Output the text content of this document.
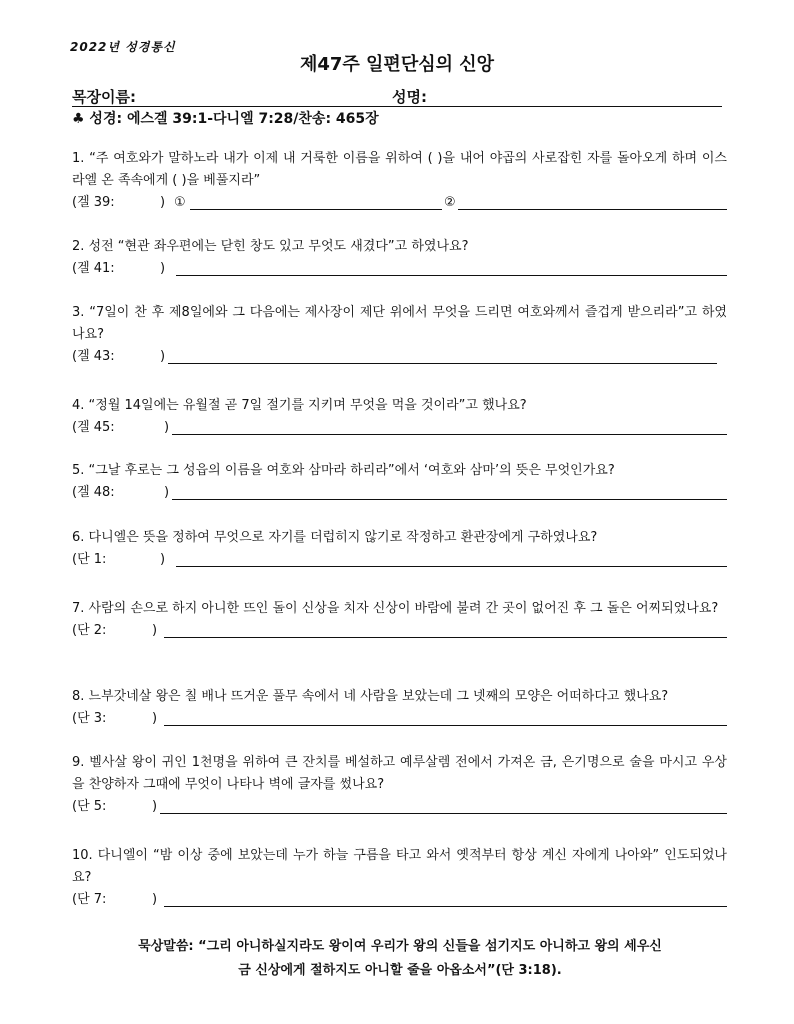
2022년 성경통신
제47주 일편단심의 신앙
목장이름:	성명:
♣ 성경: 에스겔 39:1-다니엘 7:28/찬송: 465장
1. “주 여호와가 말하노라 내가 이제 내 거룩한 이름을 위하여 ( )을 내어 야곱의 사로잡힌 자를 돌아오게 하며 이스라엘 온 족속에게 ( )을 베풀지라”
(겔 39:	) ①	②
2. 성전 “현관 좌우편에는 닫힌 창도 있고 무엇도 새겼다”고 하였나요?
(겔 41:	)
3. “7일이 찬 후 제8일에와 그 다음에는 제사장이 제단 위에서 무엇을 드리면 여호와께서 즐겁게 받으리라”고 하였나요?
(겔 43:	)
4. “정월 14일에는 유월절 곧 7일 절기를 지키며 무엇을 먹을 것이라”고 했나요?
(겔 45:	)
5. “그날 후로는 그 성읍의 이름을 여호와 삼마라 하리라”에서 ‘여호와 삼마’의 뜻은 무엇인가요?
(겔 48:	)
6. 다니엘은 뜻을 정하여 무엇으로 자기를 더럽히지 않기로 작정하고 환관장에게 구하였나요?
(단 1:	)
7. 사람의 손으로 하지 아니한 뜨인 돌이 신상을 치자 신상이 바람에 불려 간 곳이 없어진 후 그 돌은 어찌되었나요?
(단 2:	)
8. 느부갓네살 왕은 칠 배나 뜨거운 풀무 속에서 네 사람을 보았는데 그 넷째의 모양은 어떠하다고 했나요?
(단 3:	)
9. 벨사살 왕이 귀인 1천명을 위하여 큰 잔치를 베설하고 예루살렘 전에서 가져온 금, 은기명으로 술을 마시고 우상을 찬양하자 그때에 무엇이 나타나 벽에 글자를 썼나요?
(단 5:	)
10. 다니엘이 “밤 이상 중에 보았는데 누가 하늘 구름을 타고 와서 옛적부터 항상 계신 자에게 나아와” 인도되었나요?
(단 7:	)
묵상말씀: “그리 아니하실지라도 왕이여 우리가 왕의 신들을 섬기지도 아니하고 왕의 세우신
금 신상에게 절하지도 아니할 줄을 아옵소서”(단 3:18).
